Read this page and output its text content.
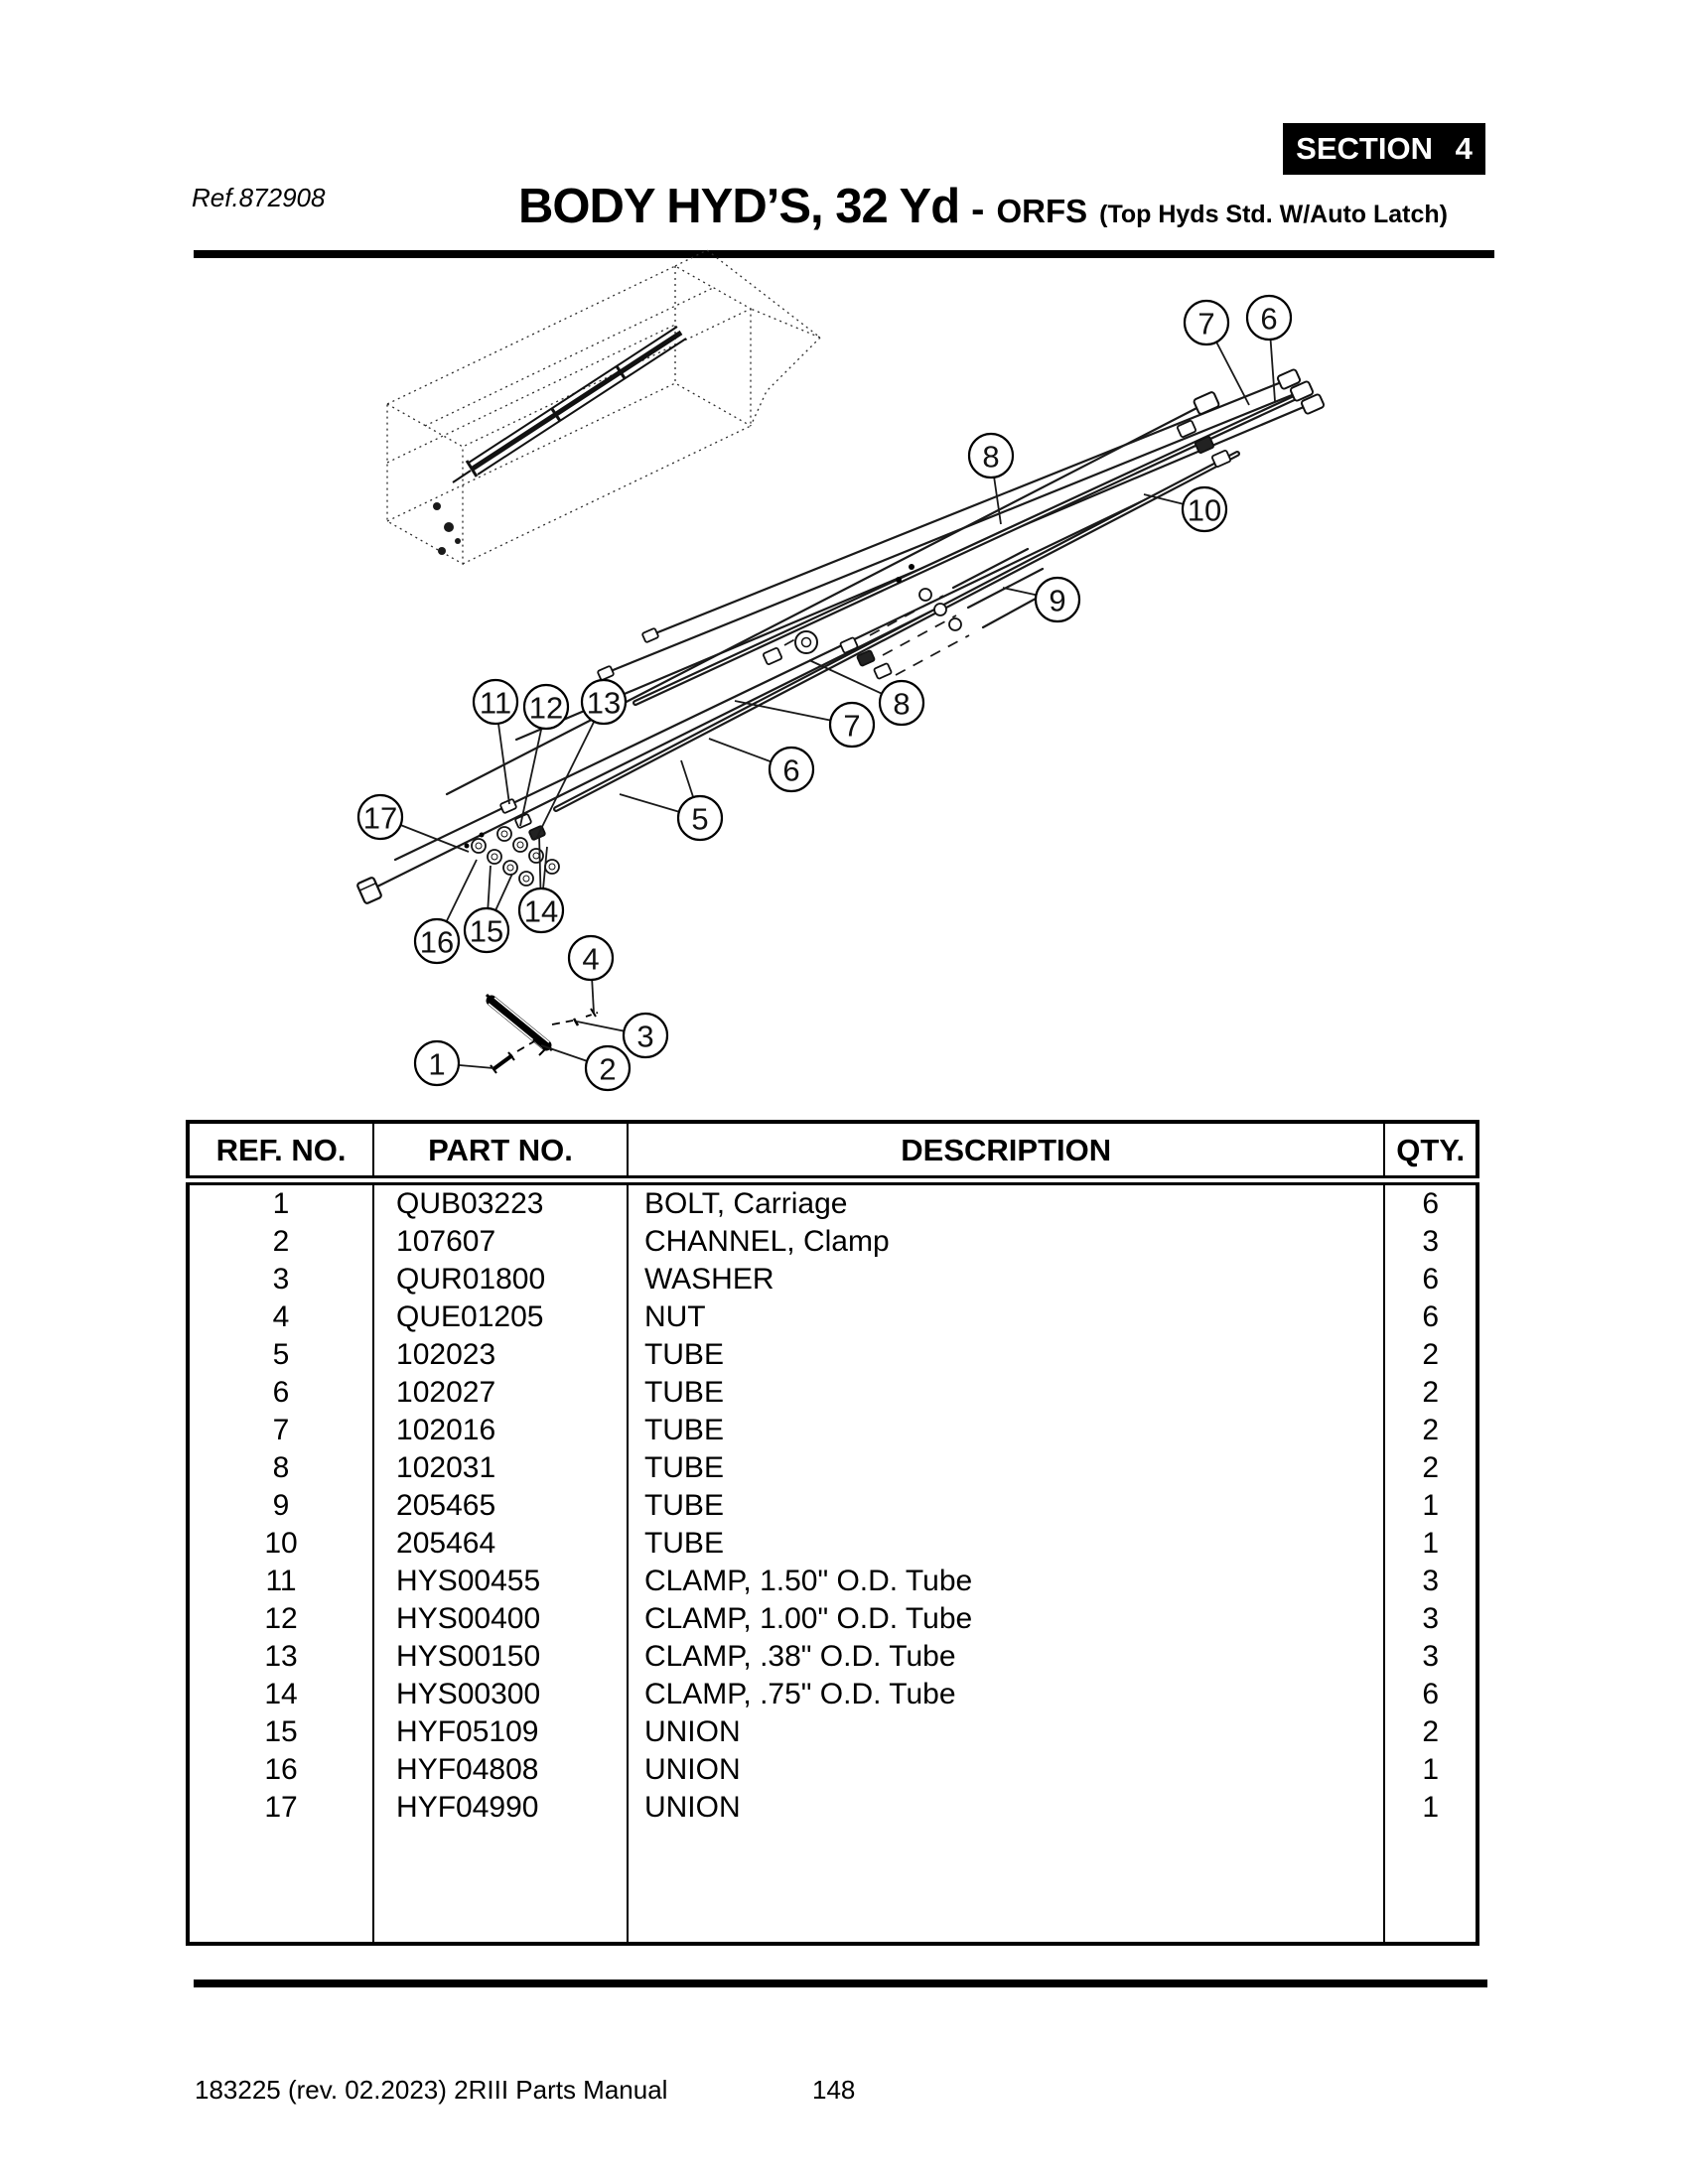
SECTION 4
Ref.872908	BODY HYD’S, 32 Yd - ORFS (Top Hyds Std. W/Auto Latch)
7 6
8
10
9
8
7
6
5
11 12 13
17
16 15
14
4
3
2
1
REF. NO.	PART NO.	DESCRIPTION	QTY.
1	QUB03223	BOLT, Carriage	6
2	107607	CHANNEL, Clamp	3
3	QUR01800	WASHER	6
4	QUE01205	NUT	6
5	102023	TUBE	2
6	102027	TUBE	2
7	102016	TUBE	2
8	102031	TUBE	2
9	205465	TUBE	1
10	205464	TUBE	1
11	HYS00455	CLAMP, 1.50" O.D. Tube	3
12	HYS00400	CLAMP, 1.00" O.D. Tube	3
13	HYS00150	CLAMP, .38" O.D. Tube	3
14	HYS00300	CLAMP, .75" O.D. Tube	6
15	HYF05109	UNION	2
16	HYF04808	UNION	1
17	HYF04990	UNION	1

183225 (rev. 02.2023) 2RIII Parts Manual	148
